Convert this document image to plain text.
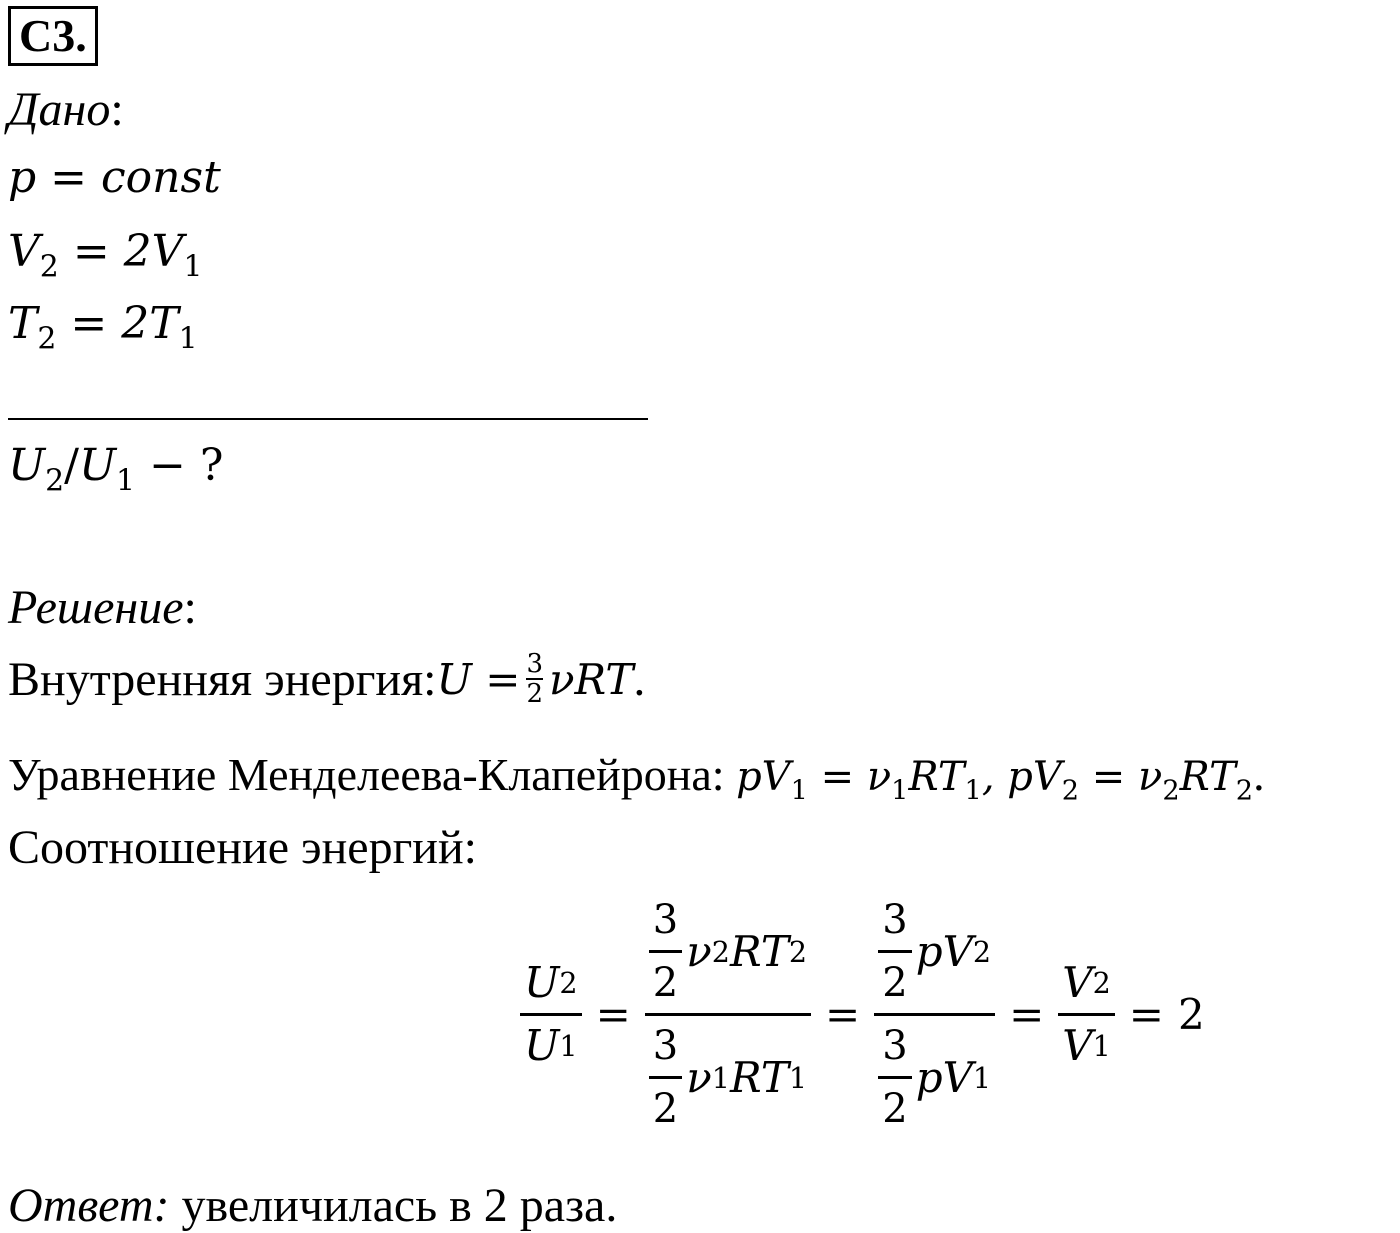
С3.
Дано:
p = const
$V_2 = 2V_1$
$T_2 = 2T_1$
$U_2/U_1$ − ?
Решение:
Внутренняя энергия: $U = \frac{3}{2}$ νRT .
Уравнение Менделеева-Клапейрона: $pV_1 = \nu_1RT_1$, $pV_2 = \nu_2RT_2$.
Соотношение энергий:
$\frac{U 2}{U 1} = \frac{\frac{3}{2} \nu 2 RT 2}{\frac{3}{2} \nu 1 RT 1} = \frac{\frac{3}{2} pV 2}{\frac{3}{2} pV 1} = \frac{V 2}{V 1} = 2$
Ответ: увеличилась в 2 раза.
